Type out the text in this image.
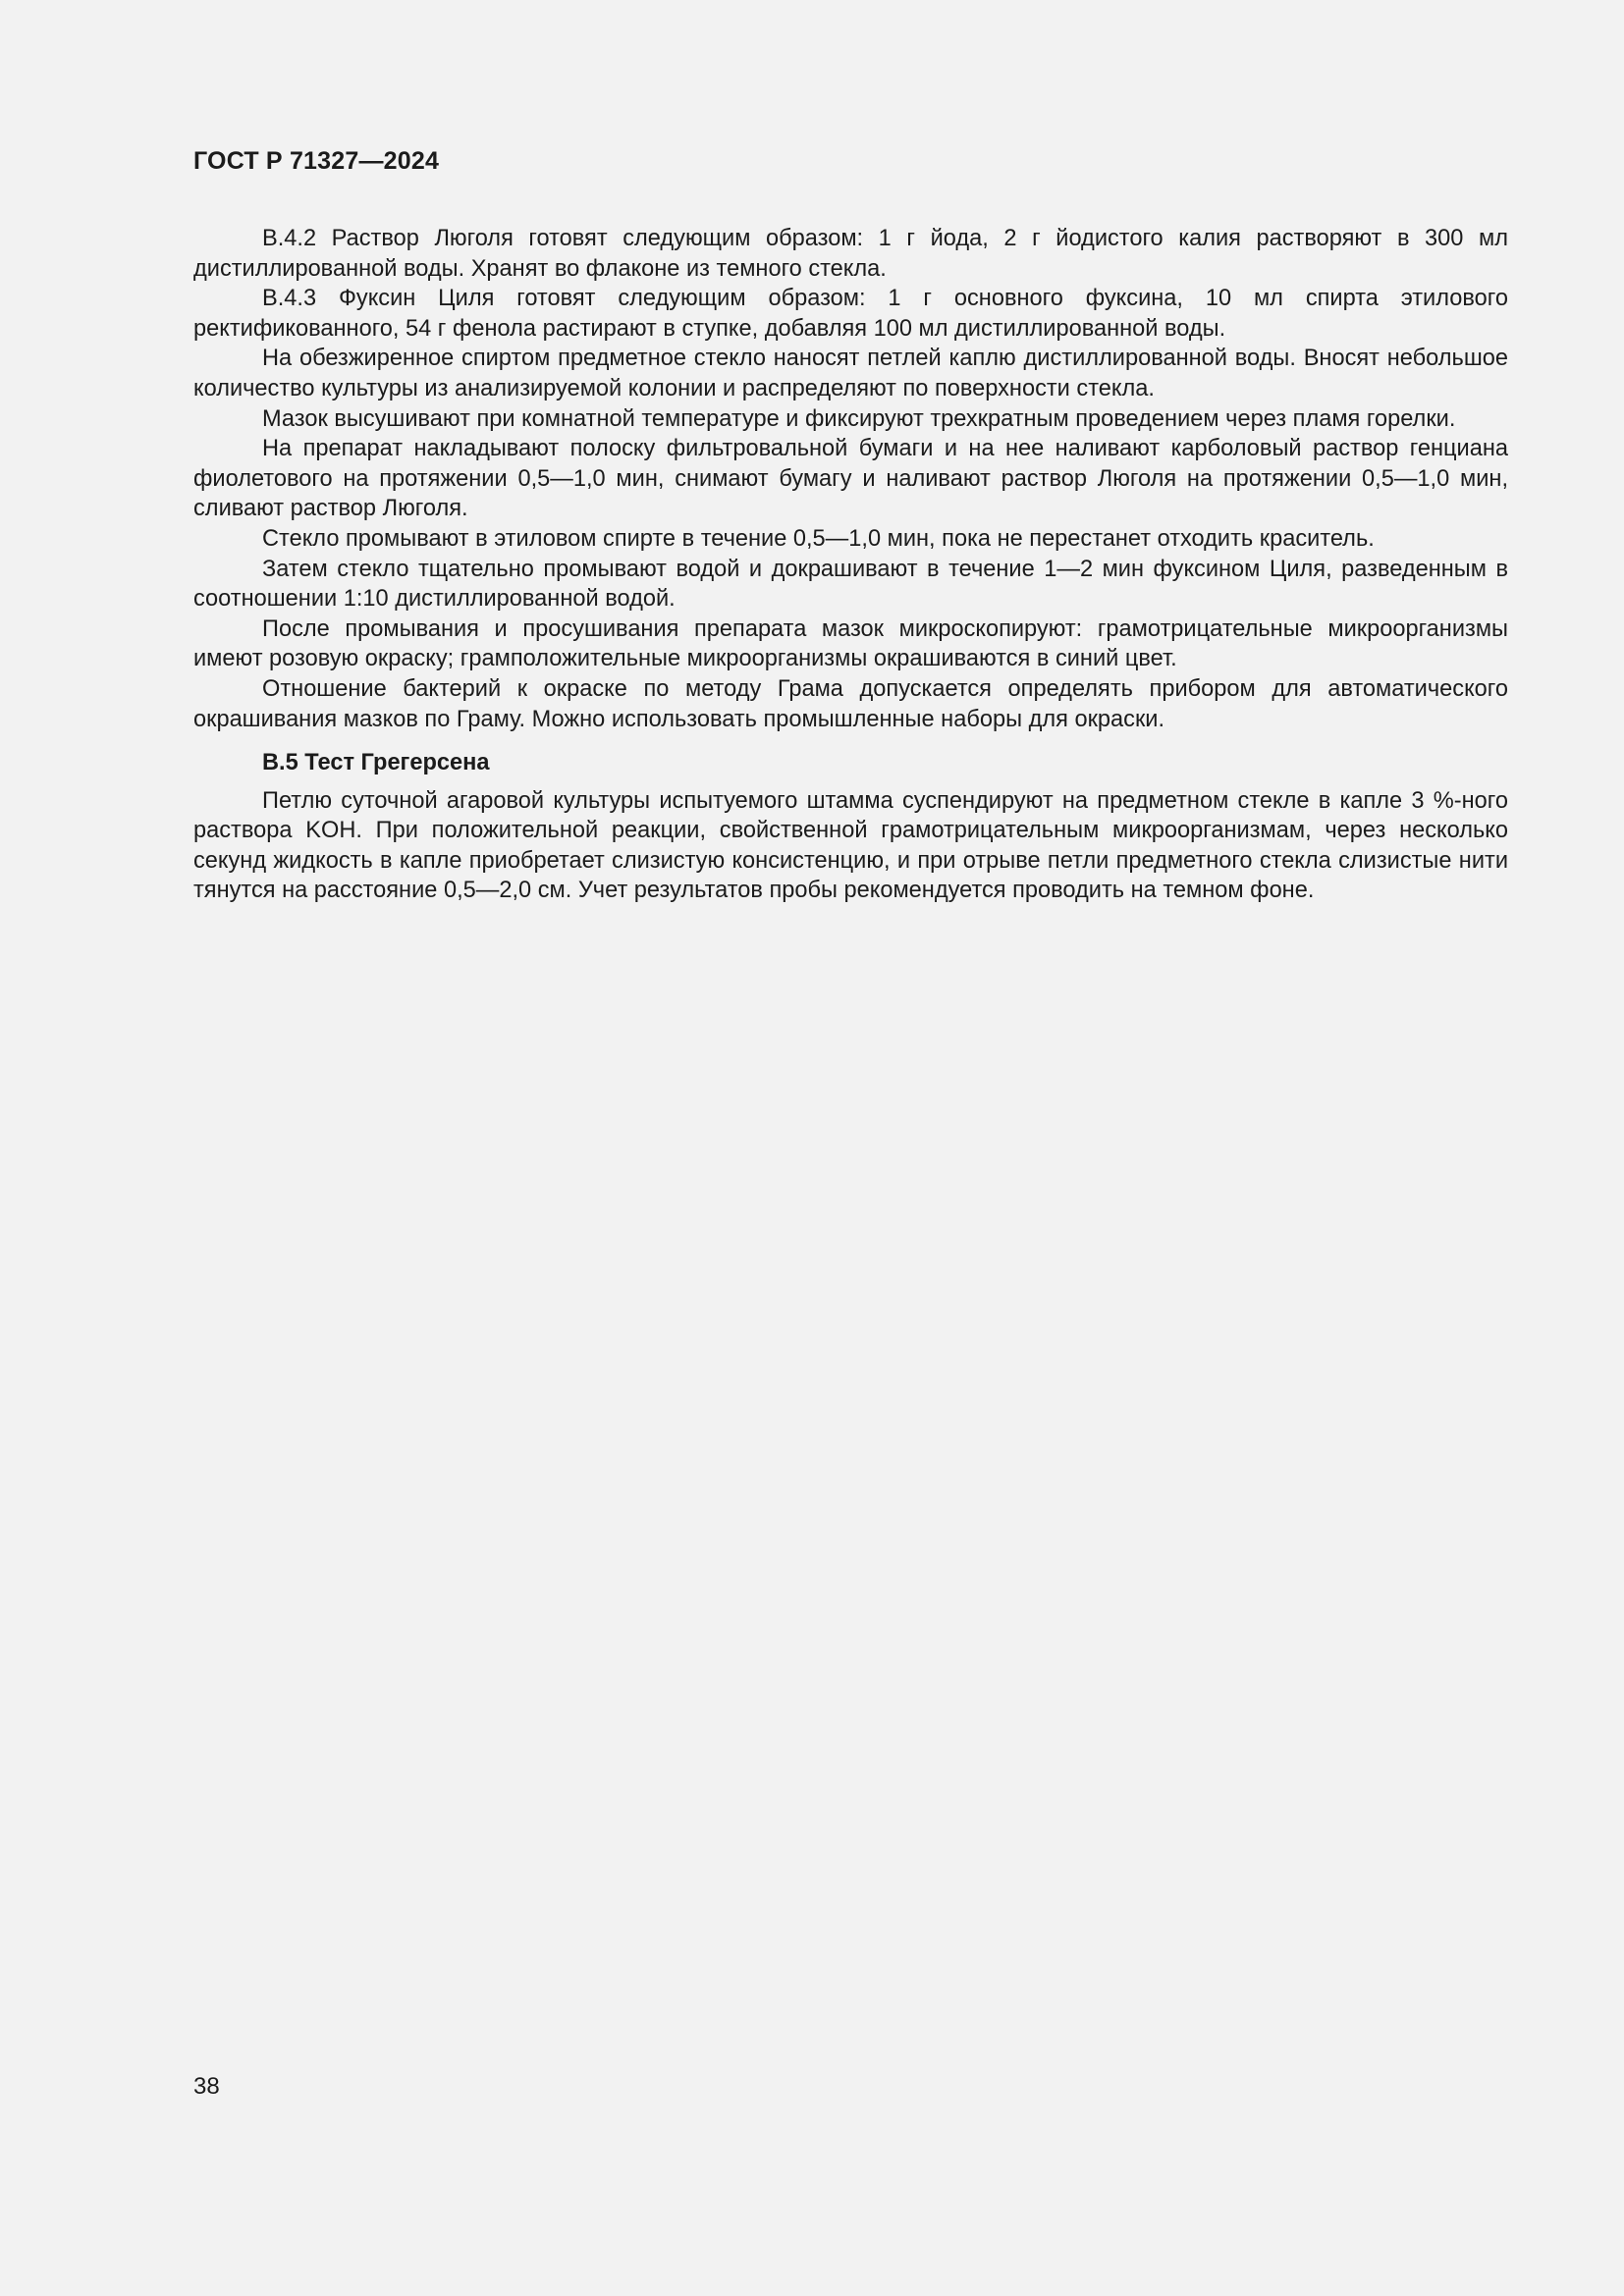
ГОСТ Р 71327—2024

В.4.2 Раствор Люголя готовят следующим образом: 1 г йода, 2 г йодистого калия растворяют в 300 мл дистиллированной воды. Хранят во флаконе из темного стекла.

В.4.3 Фуксин Циля готовят следующим образом: 1 г основного фуксина, 10 мл спирта этилового ректификованного, 54 г фенола растирают в ступке, добавляя 100 мл дистиллированной воды.

На обезжиренное спиртом предметное стекло наносят петлей каплю дистиллированной воды. Вносят небольшое количество культуры из анализируемой колонии и распределяют по поверхности стекла.

Мазок высушивают при комнатной температуре и фиксируют трехкратным проведением через пламя горелки.

На препарат накладывают полоску фильтровальной бумаги и на нее наливают карболовый раствор генциана фиолетового на протяжении 0,5—1,0 мин, снимают бумагу и наливают раствор Люголя на протяжении 0,5—1,0 мин, сливают раствор Люголя.

Стекло промывают в этиловом спирте в течение 0,5—1,0 мин, пока не перестанет отходить краситель.

Затем стекло тщательно промывают водой и докрашивают в течение 1—2 мин фуксином Циля, разведенным в соотношении 1:10 дистиллированной водой.

После промывания и просушивания препарата мазок микроскопируют: грамотрицательные микроорганизмы имеют розовую окраску; грамположительные микроорганизмы окрашиваются в синий цвет.

Отношение бактерий к окраске по методу Грама допускается определять прибором для автоматического окрашивания мазков по Граму. Можно использовать промышленные наборы для окраски.

В.5 Тест Грегерсена

Петлю суточной агаровой культуры испытуемого штамма суспендируют на предметном стекле в капле 3 %-ного раствора KOH. При положительной реакции, свойственной грамотрицательным микроорганизмам, через несколько секунд жидкость в капле приобретает слизистую консистенцию, и при отрыве петли предметного стекла слизистые нити тянутся на расстояние 0,5—2,0 см. Учет результатов пробы рекомендуется проводить на темном фоне.

38
